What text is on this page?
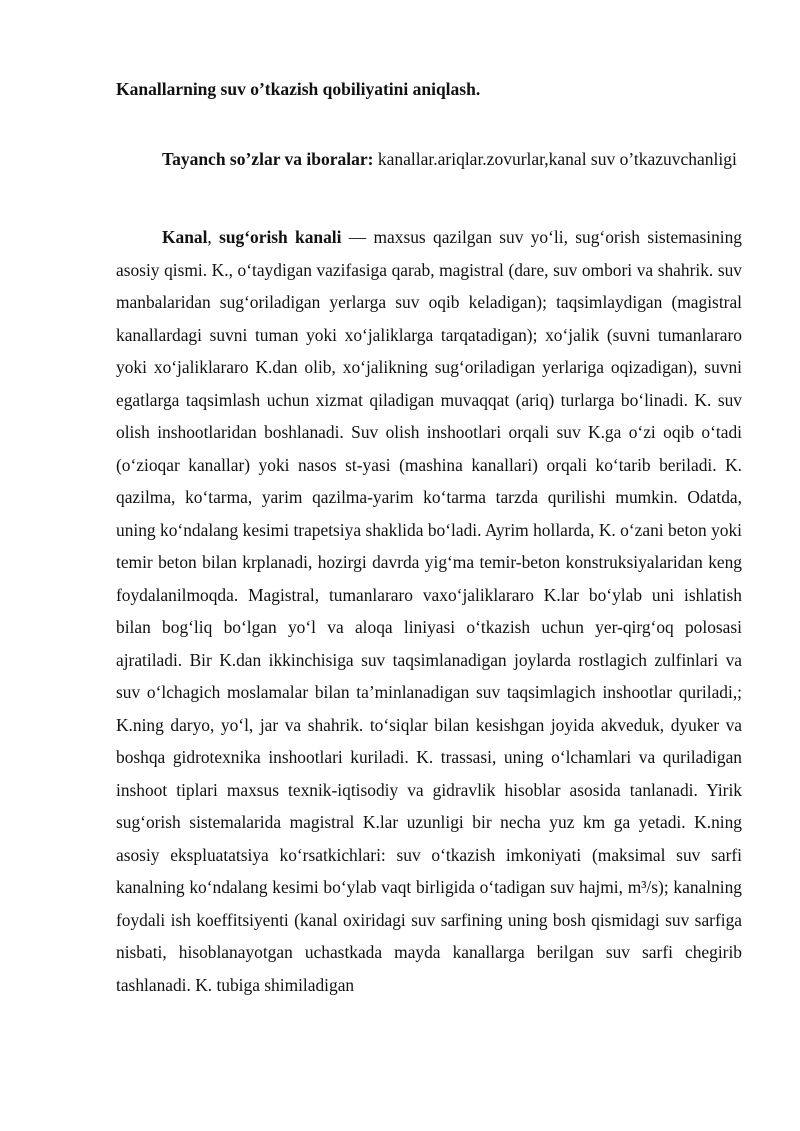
Kanallarning suv o’tkazish qobiliyatini aniqlash.

Tayanch so’zlar va iboralar: kanallar.ariqlar.zovurlar,kanal suv o’tkazuvchanligi

Kanal, sug‘orish kanali — maxsus qazilgan suv yo‘li, sug‘orish sistemasining asosiy qismi. K., o‘taydigan vazifasiga qarab, magistral (dare, suv ombori va shahrik. suv manbalaridan sug‘oriladigan yerlarga suv oqib keladigan); taqsimlaydigan (magistral kanallardagi suvni tuman yoki xo‘jaliklarga tarqatadigan); xo‘jalik (suvni tumanlararo yoki xo‘jaliklararo K.dan olib, xo‘jalikning sug‘oriladigan yerlariga oqizadigan), suvni egatlarga taqsimlash uchun xizmat qiladigan muvaqqat (ariq) turlarga bo‘linadi. K. suv olish inshootlaridan boshlanadi. Suv olish inshootlari orqali suv K.ga o‘zi oqib o‘tadi (o‘zioqar kanallar) yoki nasos st-yasi (mashina kanallari) orqali ko‘tarib beriladi. K. qazilma, ko‘tarma, yarim qazilma-yarim ko‘tarma tarzda qurilishi mumkin. Odatda, uning ko‘ndalang kesimi trapetsiya shaklida bo‘ladi. Ayrim hollarda, K. o‘zani beton yoki temir beton bilan krplanadi, hozirgi davrda yig‘ma temir-beton konstruksiyalaridan keng foydalanilmoqda. Magistral, tumanlararo vaxo‘jaliklararo K.lar bo‘ylab uni ishlatish bilan bog‘liq bo‘lgan yo‘l va aloqa liniyasi o‘tkazish uchun yer-qirg‘oq polosasi ajratiladi. Bir K.dan ikkinchisiga suv taqsimlanadigan joylarda rostlagich zulfinlari va suv o‘lchagich moslamalar bilan ta’minlanadigan suv taqsimlagich inshootlar quriladi,; K.ning daryo, yo‘l, jar va shahrik. to‘siqlar bilan kesishgan joyida akveduk, dyuker va boshqa gidrotexnika inshootlari kuriladi. K. trassasi, uning o‘lchamlari va quriladigan inshoot tiplari maxsus texnik-iqtisodiy va gidravlik hisoblar asosida tanlanadi. Yirik sug‘orish sistemalarida magistral K.lar uzunligi bir necha yuz km ga yetadi. K.ning asosiy ekspluatatsiya ko‘rsatkichlari: suv o‘tkazish imkoniyati (maksimal suv sarfi kanalning ko‘ndalang kesimi bo‘ylab vaqt birligida o‘tadigan suv hajmi, m³/s); kanalning foydali ish koeffitsiyenti (kanal oxiridagi suv sarfining uning bosh qismidagi suv sarfiga nisbati, hisoblanayotgan uchastkada mayda kanallarga berilgan suv sarfi chegirib tashlanadi. K. tubiga shimiladigan
